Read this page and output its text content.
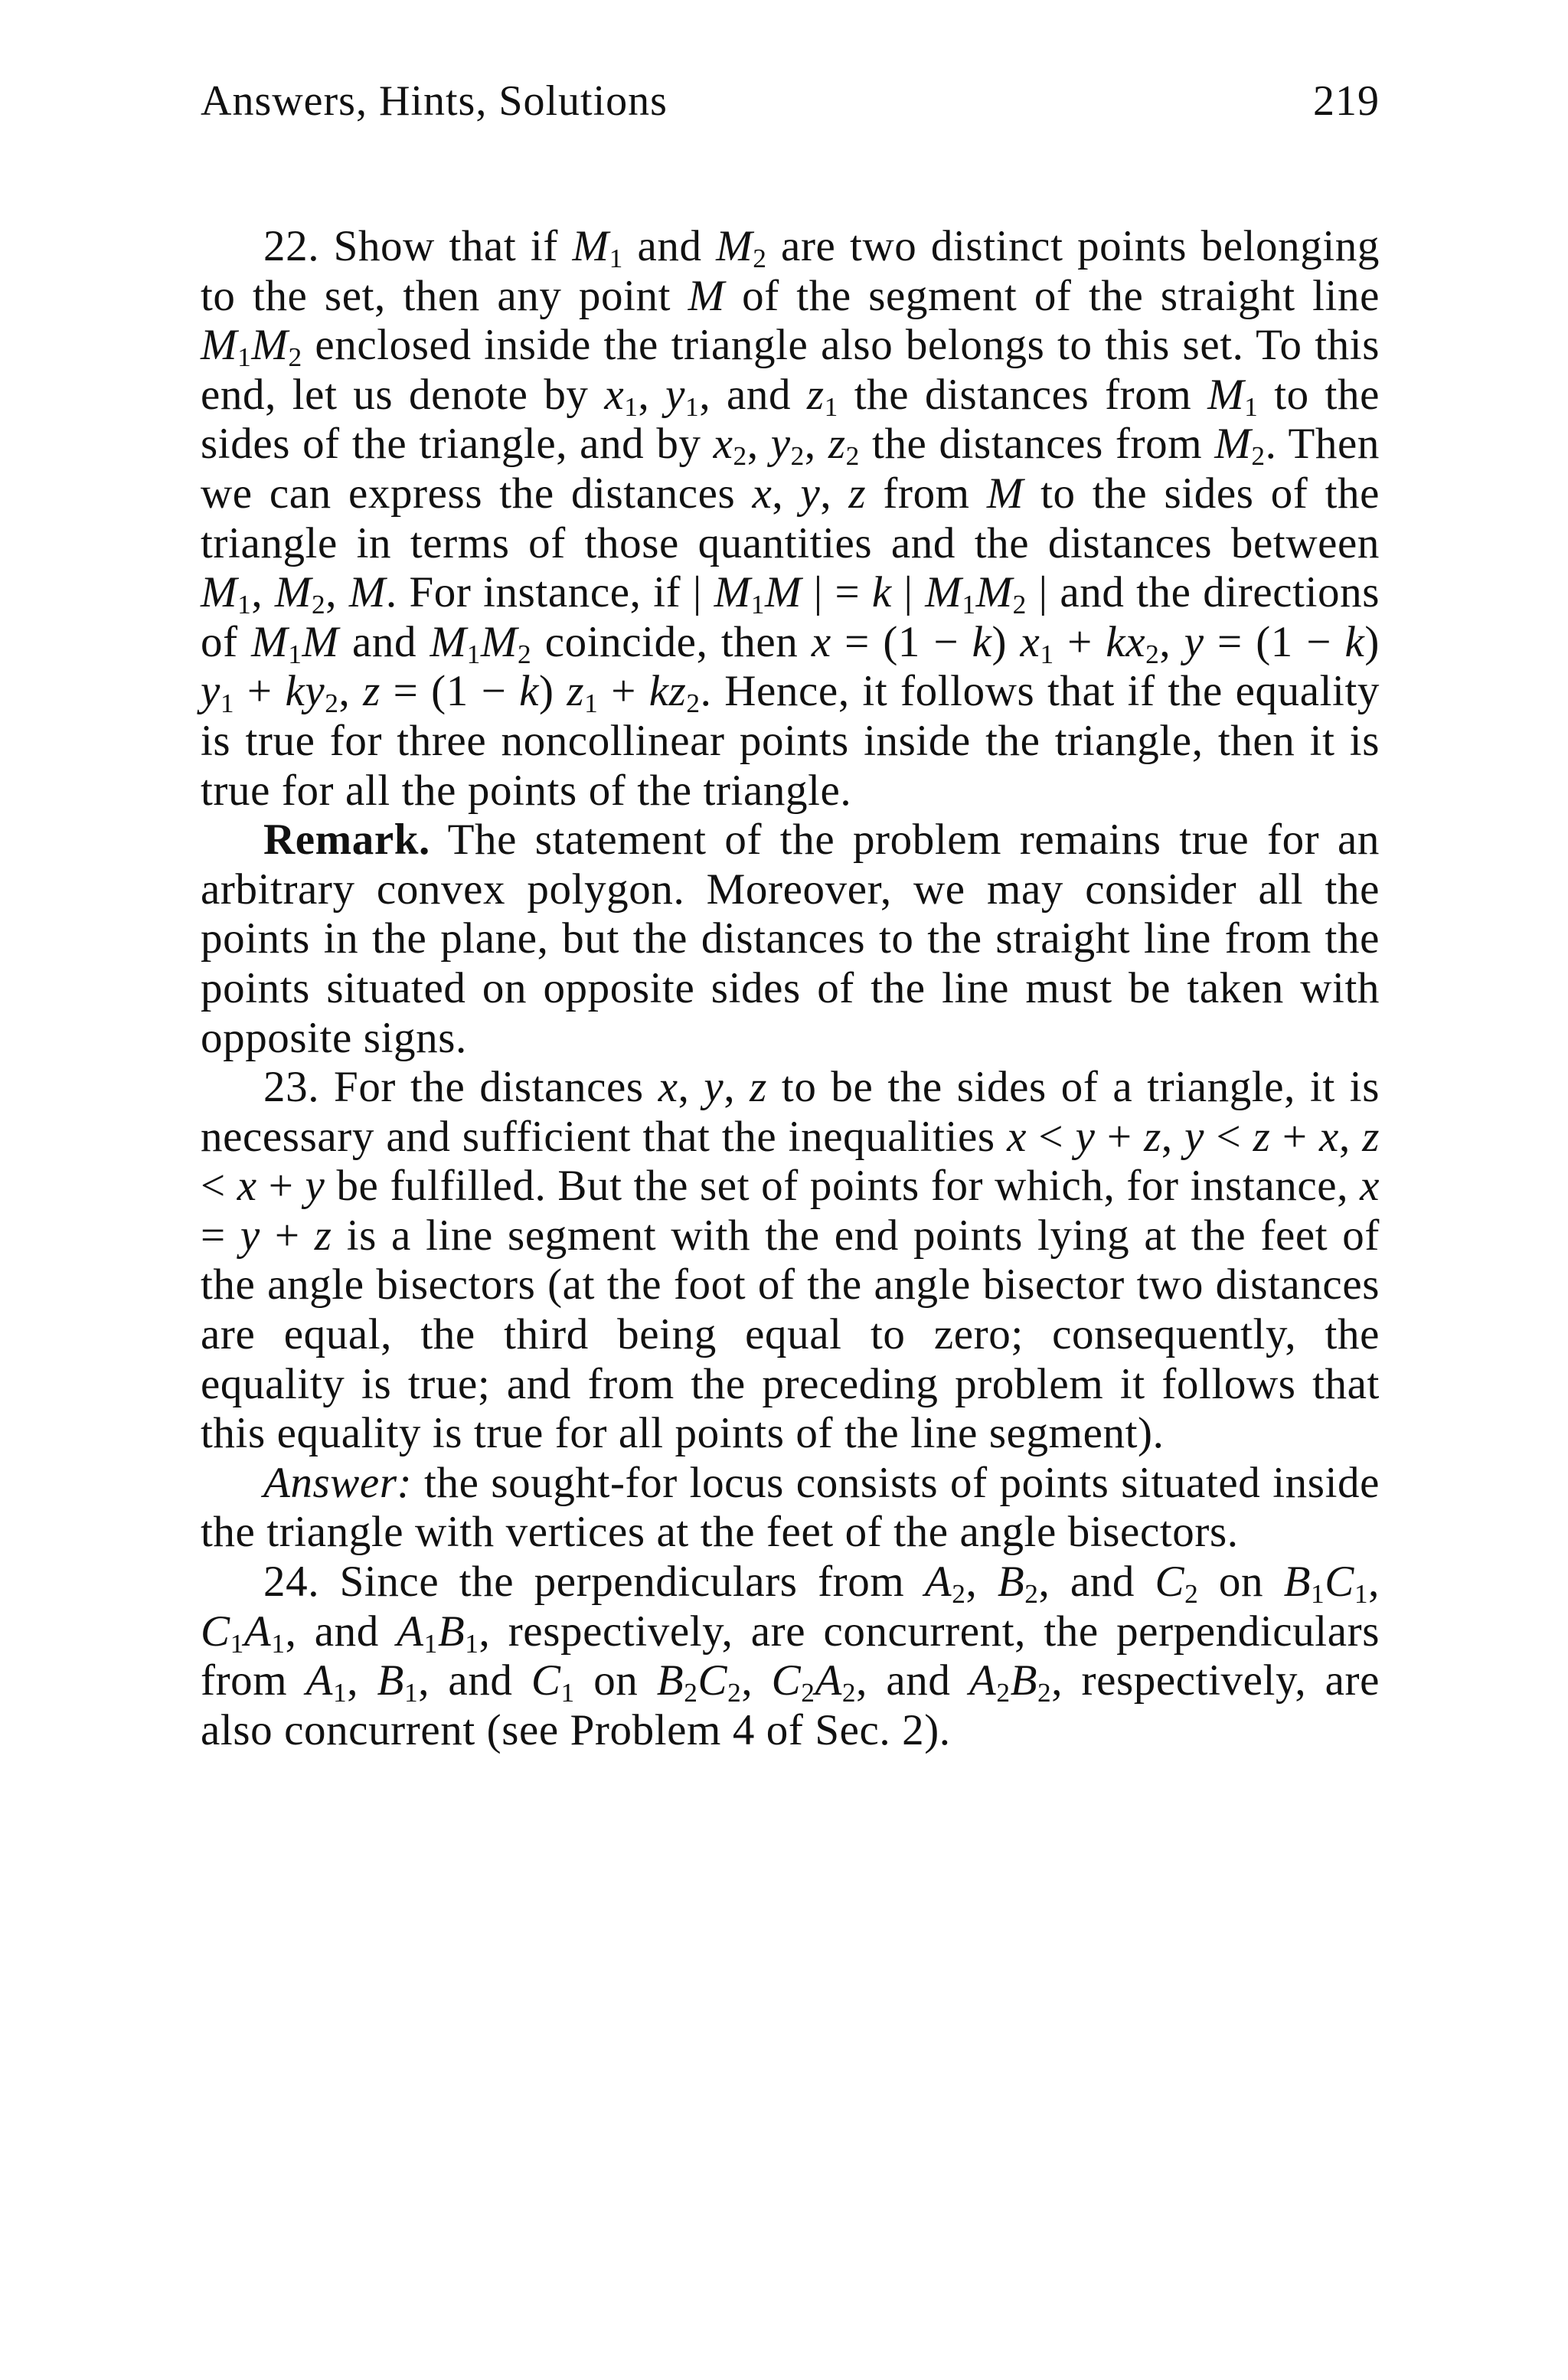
Answers, Hints, Solutions	219

22. Show that if $M_1$ and $M_2$ are two distinct points belonging to the set, then any point M of the segment of the straight line $M_1M_2$ enclosed inside the triangle also belongs to this set. To this end, let us denote by $x_1$, $y_1$, and $z_1$ the distances from $M_1$ to the sides of the triangle, and by $x_2$, $y_2$, $z_2$ the distances from $M_2$. Then we can express the distances x, y, z from M to the sides of the triangle in terms of those quantities and the distances between $M_1$, $M_2$, M. For instance, if | $M_1M$ | = k | $M_1M_2$ | and the directions of $M_1M$ and $M_1M_2$ coincide, then x = (1 − k) $x_1 + kx_2$, y = (1 − k) $y_1 + ky_2$, z = (1 − k) $z_1 + kz_2$. Hence, it follows that if the equality is true for three noncollinear points inside the triangle, then it is true for all the points of the triangle.

Remark. The statement of the problem remains true for an arbitrary convex polygon. Moreover, we may consider all the points in the plane, but the distances to the straight line from the points situated on opposite sides of the line must be taken with opposite signs.

23. For the distances x, y, z to be the sides of a triangle, it is necessary and sufficient that the inequalities x < y + z, y < z + x, z < x + y be fulfilled. But the set of points for which, for instance, x = y + z is a line segment with the end points lying at the feet of the angle bisectors (at the foot of the angle bisector two distances are equal, the third being equal to zero; consequently, the equality is true; and from the preceding problem it follows that this equality is true for all points of the line segment).

Answer: the sought-for locus consists of points situated inside the triangle with vertices at the feet of the angle bisectors.

24. Since the perpendiculars from $A_2$, $B_2$, and $C_2$ on $B_1C_1$, $C_1A_1$, and $A_1B_1$, respectively, are concurrent, the perpendiculars from $A_1$, $B_1$, and $C_1$ on $B_2C_2$, $C_2A_2$, and $A_2B_2$, respectively, are also concurrent (see Problem 4 of Sec. 2).
